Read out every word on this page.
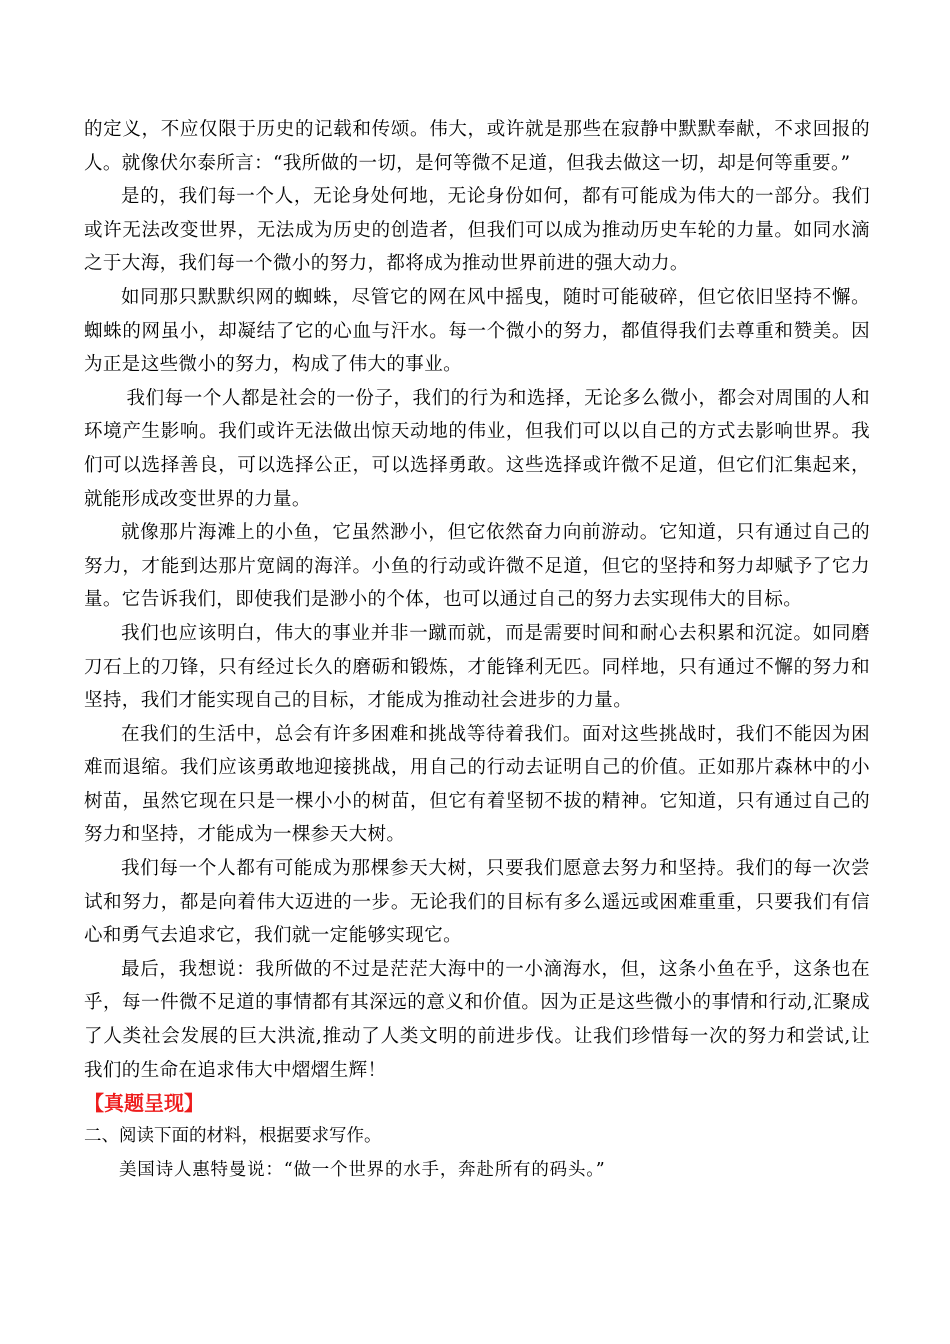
的定义，不应仅限于历史的记载和传颂。伟大，或许就是那些在寂静中默默奉献，不求回报的人。就像伏尔泰所言：“我所做的一切，是何等微不足道，但我去做这一切，却是何等重要。”

是的，我们每一个人，无论身处何地，无论身份如何，都有可能成为伟大的一部分。我们或许无法改变世界，无法成为历史的创造者，但我们可以成为推动历史车轮的力量。如同水滴之于大海，我们每一个微小的努力，都将成为推动世界前进的强大动力。

如同那只默默织网的蜘蛛，尽管它的网在风中摇曳，随时可能破碎，但它依旧坚持不懈。蜘蛛的网虽小，却凝结了它的心血与汗水。每一个微小的努力，都值得我们去尊重和赞美。因为正是这些微小的努力，构成了伟大的事业。

我们每一个人都是社会的一份子，我们的行为和选择，无论多么微小，都会对周围的人和环境产生影响。我们或许无法做出惊天动地的伟业，但我们可以以自己的方式去影响世界。我们可以选择善良，可以选择公正，可以选择勇敢。这些选择或许微不足道，但它们汇集起来，就能形成改变世界的力量。

就像那片海滩上的小鱼，它虽然渺小，但它依然奋力向前游动。它知道，只有通过自己的努力，才能到达那片宽阔的海洋。小鱼的行动或许微不足道，但它的坚持和努力却赋予了它力量。它告诉我们，即使我们是渺小的个体，也可以通过自己的努力去实现伟大的目标。

我们也应该明白，伟大的事业并非一蹴而就，而是需要时间和耐心去积累和沉淀。如同磨刀石上的刀锋，只有经过长久的磨砺和锻炼，才能锋利无匹。同样地，只有通过不懈的努力和坚持，我们才能实现自己的目标，才能成为推动社会进步的力量。

在我们的生活中，总会有许多困难和挑战等待着我们。面对这些挑战时，我们不能因为困难而退缩。我们应该勇敢地迎接挑战，用自己的行动去证明自己的价值。正如那片森林中的小树苗，虽然它现在只是一棵小小的树苗，但它有着坚韧不拔的精神。它知道，只有通过自己的努力和坚持，才能成为一棵参天大树。

我们每一个人都有可能成为那棵参天大树，只要我们愿意去努力和坚持。我们的每一次尝试和努力，都是向着伟大迈进的一步。无论我们的目标有多么遥远或困难重重，只要我们有信心和勇气去追求它，我们就一定能够实现它。

最后，我想说：我所做的不过是茫茫大海中的一小滴海水，但，这条小鱼在乎，这条也在乎，每一件微不足道的事情都有其深远的意义和价值。因为正是这些微小的事情和行动,汇聚成了人类社会发展的巨大洪流,推动了人类文明的前进步伐。让我们珍惜每一次的努力和尝试,让我们的生命在追求伟大中熠熠生辉！

【真题呈现】

二、阅读下面的材料，根据要求写作。

美国诗人惠特曼说：“做一个世界的水手，奔赴所有的码头。”
